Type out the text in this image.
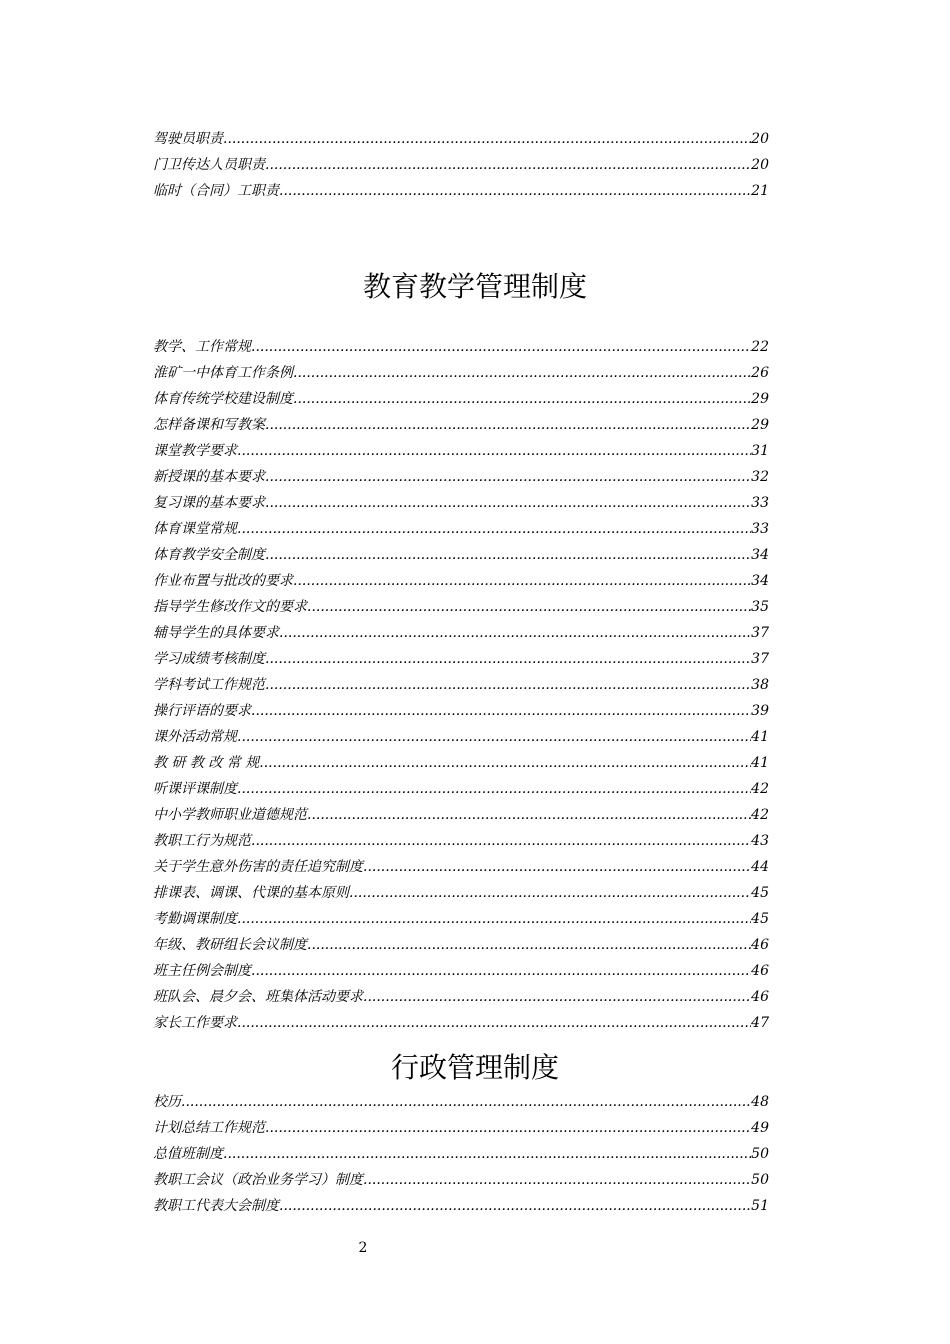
驾驶员职责 .....	20
门卫传达人员职责 .....	20
临时（合同）工职责 .....	21
教育教学管理制度
教学、工作常规 .....	22
淮矿一中体育工作条例 .....	26
体育传统学校建设制度 .....	29
怎样备课和写教案 .....	29
课堂教学要求 .....	31
新授课的基本要求 .....	32
复习课的基本要求 .....	33
体育课堂常规 .....	33
体育教学安全制度 .....	34
作业布置与批改的要求 .....	34
指导学生修改作文的要求 .....	35
辅导学生的具体要求 .....	37
学习成绩考核制度 .....	37
学科考试工作规范 .....	38
操行评语的要求 .....	39
课外活动常规 .....	41
教 研 教 改 常 规 .....	41
听课评课制度 .....	42
中小学教师职业道德规范 .....	42
教职工行为规范 .....	43
关于学生意外伤害的责任追究制度 .....	44
排课表、调课、代课的基本原则 .....	45
考勤调课制度 .....	45
年级、教研组长会议制度 .....	46
班主任例会制度 .....	46
班队会、晨夕会、班集体活动要求 .....	46
家长工作要求 .....	47
行政管理制度
校历 .....	48
计划总结工作规范 .....	49
总值班制度 .....	50
教职工会议（政治业务学习）制度 .....	50
教职工代表大会制度 .....	51
2
